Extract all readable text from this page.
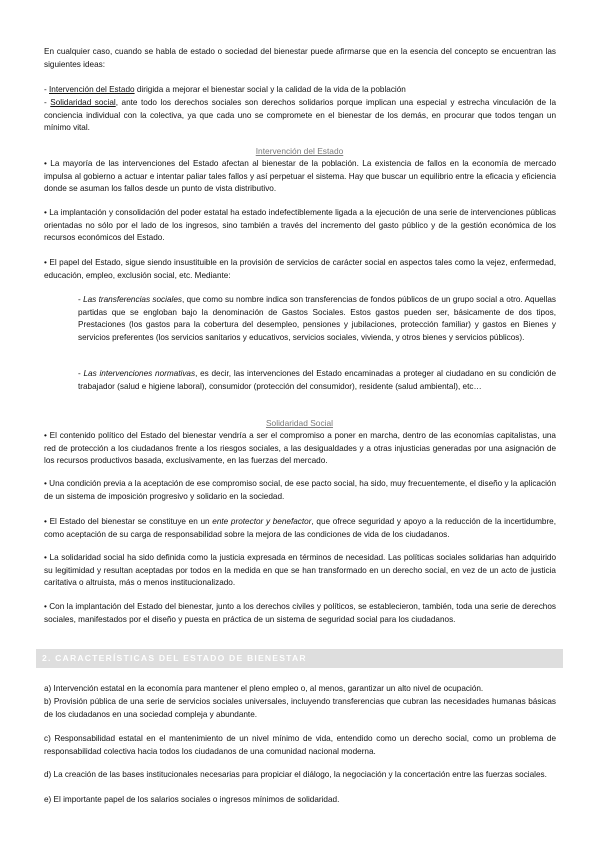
En cualquier caso, cuando se habla de estado o sociedad del bienestar puede afirmarse que en la esencia del concepto se encuentran las siguientes ideas:
- Intervención del Estado dirigida a mejorar el bienestar social y la calidad de la vida de la población
- Solidaridad social, ante todo los derechos sociales son derechos solidarios porque implican una especial y estrecha vinculación de la conciencia individual con la colectiva, ya que cada uno se compromete en el bienestar de los demás, en procurar que todos tengan un mínimo vital.
Intervención del Estado
• La mayoría de las intervenciones del Estado afectan al bienestar de la población. La existencia de fallos en la economía de mercado impulsa al gobierno a actuar e intentar paliar tales fallos y así perpetuar el sistema. Hay que buscar un equilibrio entre la eficacia y eficiencia donde se asuman los fallos desde un punto de vista distributivo.
• La implantación y consolidación del poder estatal ha estado indefectiblemente ligada a la ejecución de una serie de intervenciones públicas orientadas no sólo por el lado de los ingresos, sino también a través del incremento del gasto público y de la gestión económica de los recursos económicos del Estado.
• El papel del Estado, sigue siendo insustituible en la provisión de servicios de carácter social en aspectos tales como la vejez, enfermedad, educación, empleo, exclusión social, etc. Mediante:
- Las transferencias sociales, que como su nombre indica son transferencias de fondos públicos de un grupo social a otro. Aquellas partidas que se engloban bajo la denominación de Gastos Sociales. Estos gastos pueden ser, básicamente de dos tipos, Prestaciones (los gastos para la cobertura del desempleo, pensiones y jubilaciones, protección familiar) y gastos en Bienes y servicios preferentes (los servicios sanitarios y educativos, servicios sociales, vivienda, y otros bienes y servicios públicos).
- Las intervenciones normativas, es decir, las intervenciones del Estado encaminadas a proteger al ciudadano en su condición de trabajador (salud e higiene laboral), consumidor (protección del consumidor), residente (salud ambiental), etc…
Solidaridad Social
• El contenido político del Estado del bienestar vendría a ser el compromiso a poner en marcha, dentro de las economías capitalistas, una red de protección a los ciudadanos frente a los riesgos sociales, a las desigualdades y a otras injusticias generadas por una asignación de los recursos productivos basada, exclusivamente, en las fuerzas del mercado.
• Una condición previa a la aceptación de ese compromiso social, de ese pacto social, ha sido, muy frecuentemente, el diseño y la aplicación de un sistema de imposición progresivo y solidario en la sociedad.
• El Estado del bienestar se constituye en un ente protector y benefactor, que ofrece seguridad y apoyo a la reducción de la incertidumbre, como aceptación de su carga de responsabilidad sobre la mejora de las condiciones de vida de los ciudadanos.
• La solidaridad social ha sido definida como la justicia expresada en términos de necesidad. Las políticas sociales solidarias han adquirido su legitimidad y resultan aceptadas por todos en la medida en que se han transformado en un derecho social, en vez de un acto de justicia caritativa o altruista, más o menos institucionalizado.
• Con la implantación del Estado del bienestar, junto a los derechos civiles y políticos, se establecieron, también, toda una serie de derechos sociales, manifestados por el diseño y puesta en práctica de un sistema de seguridad social para los ciudadanos.
2. CARACTERÍSTICAS DEL ESTADO DE BIENESTAR
a) Intervención estatal en la economía para mantener el pleno empleo o, al menos, garantizar un alto nivel de ocupación.
b) Provisión pública de una serie de servicios sociales universales, incluyendo transferencias que cubran las necesidades humanas básicas de los ciudadanos en una sociedad compleja y abundante.
c) Responsabilidad estatal en el mantenimiento de un nivel mínimo de vida, entendido como un derecho social, como un problema de responsabilidad colectiva hacia todos los ciudadanos de una comunidad nacional moderna.
d) La creación de las bases institucionales necesarias para propiciar el diálogo, la negociación y la concertación entre las fuerzas sociales.
e) El importante papel de los salarios sociales o ingresos mínimos de solidaridad.
